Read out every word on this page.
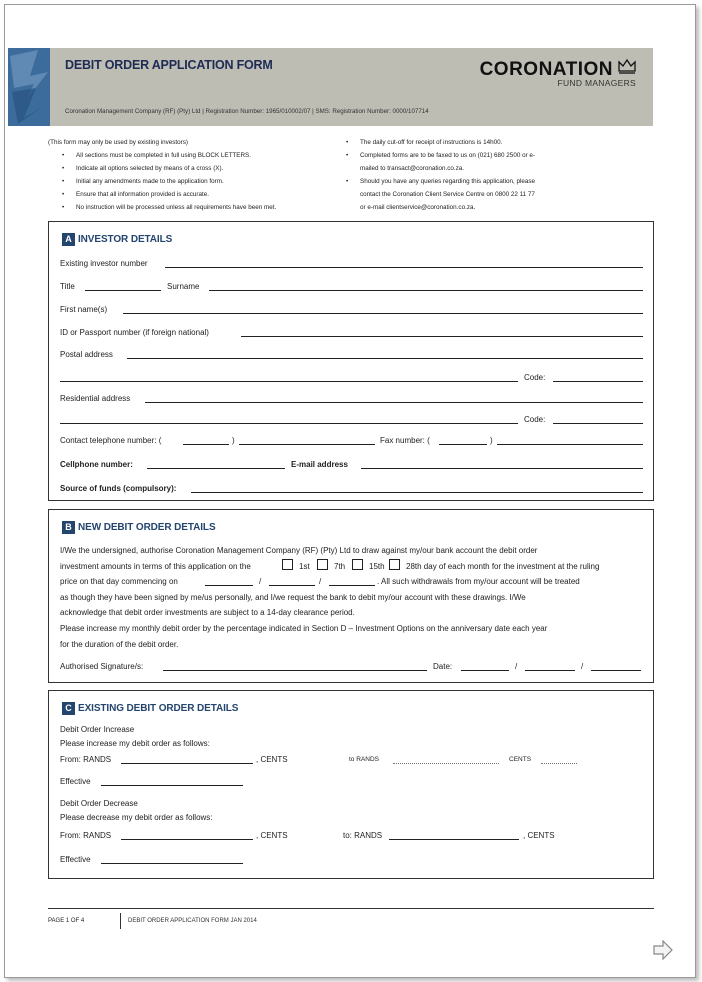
DEBIT ORDER APPLICATION FORM	CORONATION
FUND MANAGERS
Coronation Management Company (RF) (Pty) Ltd | Registration Number: 1965/010002/07 | SMS: Registration Number: 0000/107714
(This form may only be used by existing investors)
• All sections must be completed in full using BLOCK LETTERS.
• Indicate all options selected by means of a cross (X).
• Initial any amendments made to the application form.
• Ensure that all information provided is accurate.
• No instruction will be processed unless all requirements have been met.
• The daily cut-off for receipt of instructions is 14h00.
• Completed forms are to be faxed to us on (021) 680 2500 or e-
mailed to transact@coronation.co.za.
• Should you have any queries regarding this application, please
contact the Coronation Client Service Centre on 0800 22 11 77
or e-mail clientservice@coronation.co.za.
A INVESTOR DETAILS
Existing investor number
Title	Surname
First name(s)
ID or Passport number (if foreign national)
Postal address
Code:
Residential address
Code:
Contact telephone number: (	)	Fax number: (	)
Cellphone number:	E-mail address
Source of funds (compulsory):
B NEW DEBIT ORDER DETAILS
I/We the undersigned, authorise Coronation Management Company (RF) (Pty) Ltd to draw against my/our bank account the debit order
investment amounts in terms of this application on the	1st	7th	15th	28th day of each month for the investment at the ruling
price on that day commencing on	/	/	. All such withdrawals from my/our account will be treated
as though they have been signed by me/us personally, and I/we request the bank to debit my/our account with these drawings. I/We
acknowledge that debit order investments are subject to a 14-day clearance period.
Please increase my monthly debit order by the percentage indicated in Section D – Investment Options on the anniversary date each year
for the duration of the debit order.
Authorised Signature/s:	Date:	/	/
C EXISTING DEBIT ORDER DETAILS
Debit Order Increase
Please increase my debit order as follows:
From: RANDS	, CENTS	to RANDS	CENTS
Effective
Debit Order Decrease
Please decrease my debit order as follows:
From: RANDS	, CENTS	to: RANDS	, CENTS
Effective
PAGE 1 OF 4	DEBIT ORDER APPLICATION FORM JAN 2014
